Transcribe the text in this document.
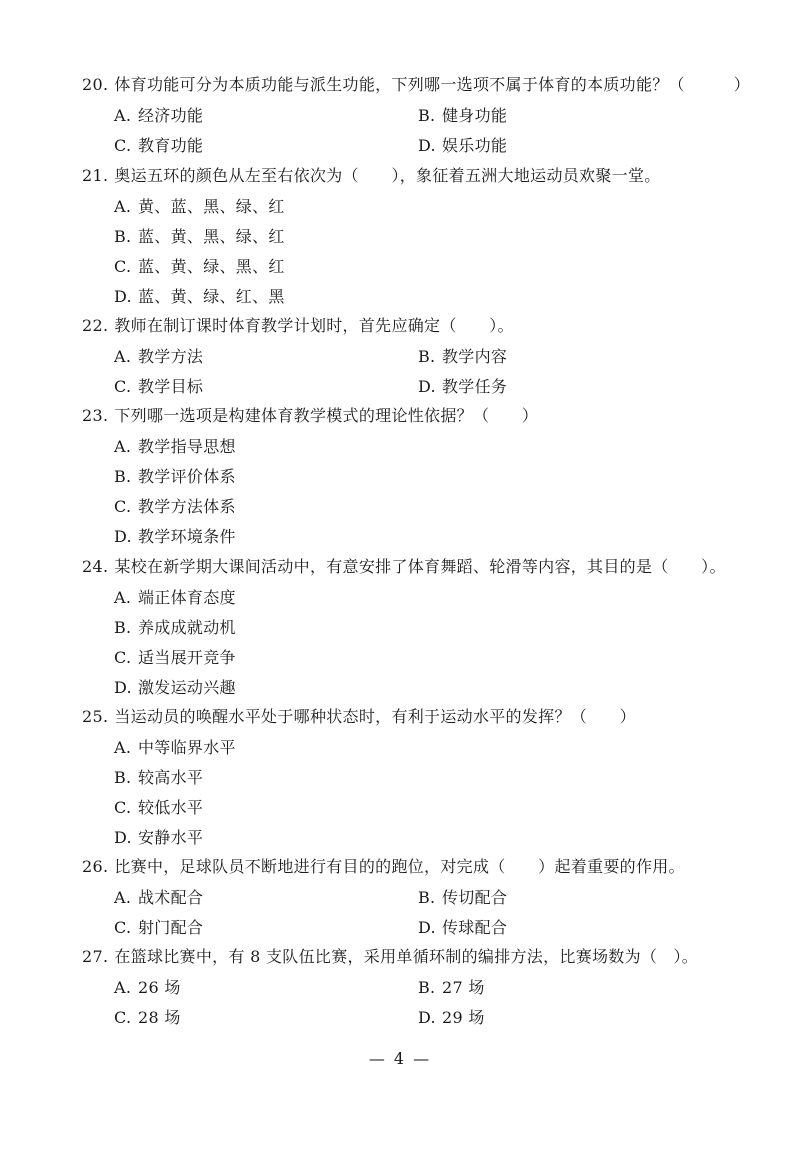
20. 体育功能可分为本质功能与派生功能，下列哪一选项不属于体育的本质功能？（　　　）
A. 经济功能	B. 健身功能
C. 教育功能	D. 娱乐功能
21. 奥运五环的颜色从左至右依次为（　　），象征着五洲大地运动员欢聚一堂。
A. 黄、蓝、黑、绿、红
B. 蓝、黄、黑、绿、红
C. 蓝、黄、绿、黑、红
D. 蓝、黄、绿、红、黑
22. 教师在制订课时体育教学计划时，首先应确定（　　）。
A. 教学方法	B. 教学内容
C. 教学目标	D. 教学任务
23. 下列哪一选项是构建体育教学模式的理论性依据？（　　）
A. 教学指导思想
B. 教学评价体系
C. 教学方法体系
D. 教学环境条件
24. 某校在新学期大课间活动中，有意安排了体育舞蹈、轮滑等内容，其目的是（　　）。
A. 端正体育态度
B. 养成成就动机
C. 适当展开竞争
D. 激发运动兴趣
25. 当运动员的唤醒水平处于哪种状态时，有利于运动水平的发挥？（　　）
A. 中等临界水平
B. 较高水平
C. 较低水平
D. 安静水平
26. 比赛中，足球队员不断地进行有目的的跑位，对完成（　　）起着重要的作用。
A. 战术配合	B. 传切配合
C. 射门配合	D. 传球配合
27. 在篮球比赛中，有 8 支队伍比赛，采用单循环制的编排方法，比赛场数为（　）。
A. 26 场	B. 27 场
C. 28 场	D. 29 场
— 4 —
